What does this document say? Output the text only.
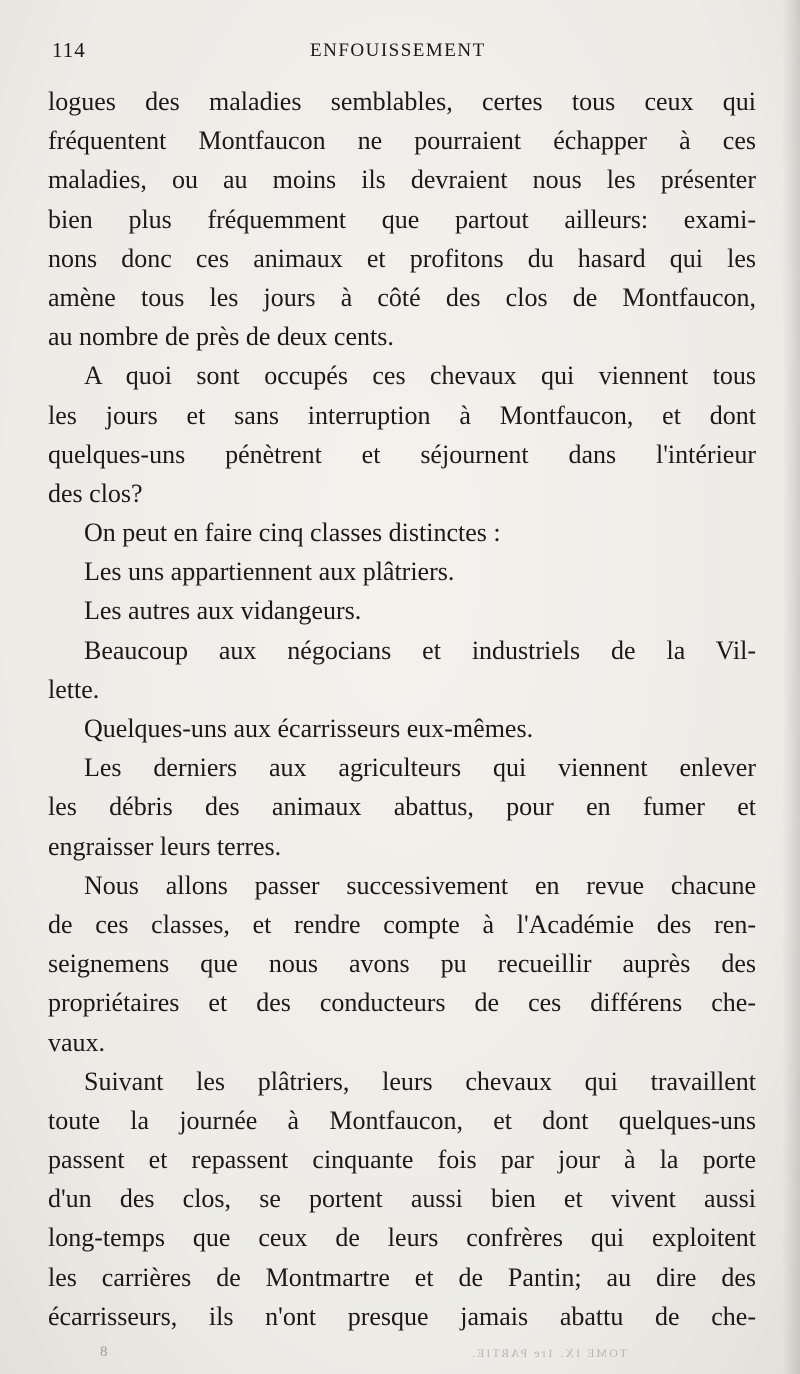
114	ENFOUISSEMENT
logues des maladies semblables, certes tous ceux qui
fréquentent Montfaucon ne pourraient échapper à ces
maladies, ou au moins ils devraient nous les présenter
bien plus fréquemment que partout ailleurs: exami-
nons donc ces animaux et profitons du hasard qui les
amène tous les jours à côté des clos de Montfaucon,
au nombre de près de deux cents.
A quoi sont occupés ces chevaux qui viennent tous
les jours et sans interruption à Montfaucon, et dont
quelques-uns pénètrent et séjournent dans l'intérieur
des clos?
On peut en faire cinq classes distinctes :
Les uns appartiennent aux plâtriers.
Les autres aux vidangeurs.
Beaucoup aux négocians et industriels de la Vil-
lette.
Quelques-uns aux écarrisseurs eux-mêmes.
Les derniers aux agriculteurs qui viennent enlever
les débris des animaux abattus, pour en fumer et
engraisser leurs terres.
Nous allons passer successivement en revue chacune
de ces classes, et rendre compte à l'Académie des ren-
seignemens que nous avons pu recueillir auprès des
propriétaires et des conducteurs de ces différens che-
vaux.
Suivant les plâtriers, leurs chevaux qui travaillent
toute la journée à Montfaucon, et dont quelques-uns
passent et repassent cinquante fois par jour à la porte
d'un des clos, se portent aussi bien et vivent aussi
long-temps que ceux de leurs confrères qui exploitent
les carrières de Montmartre et de Pantin; au dire des
écarrisseurs, ils n'ont presque jamais abattu de che-
8	TOME IX. 1re PARTIE.
